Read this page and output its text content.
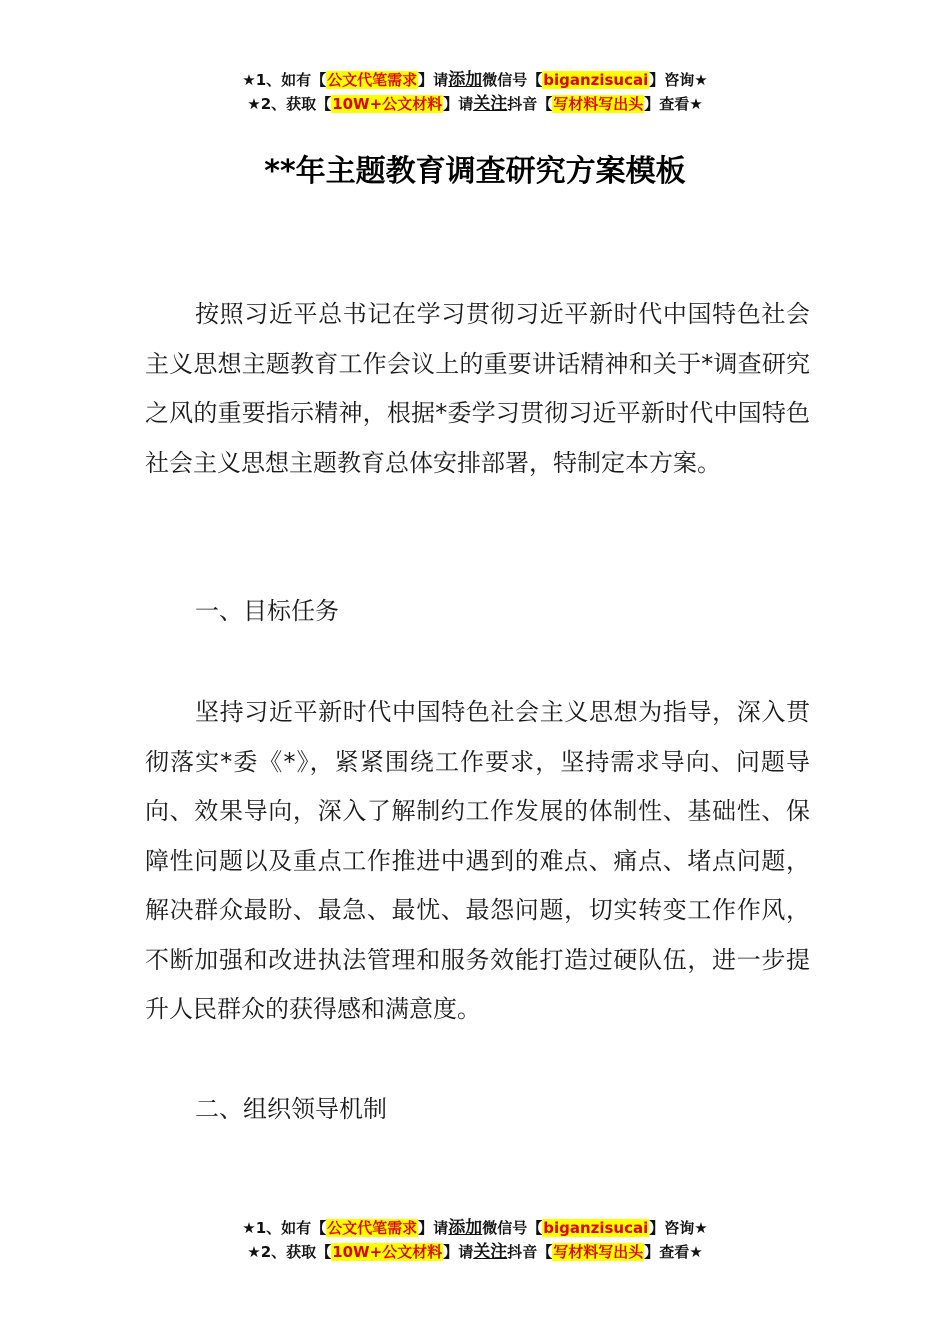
★1、如有【公文代笔需求】请添加微信号【biganzisucai】咨询★
★2、获取【10W+公文材料】请关注抖音【写材料写出头】查看★
**年主题教育调查研究方案模板

按照习近平总书记在学习贯彻习近平新时代中国特色社会主义思想主题教育工作会议上的重要讲话精神和关于*调查研究之风的重要指示精神，根据*委学习贯彻习近平新时代中国特色社会主义思想主题教育总体安排部署，特制定本方案。

一、目标任务

坚持习近平新时代中国特色社会主义思想为指导，深入贯彻落实*委《*》，紧紧围绕工作要求，坚持需求导向、问题导向、效果导向，深入了解制约工作发展的体制性、基础性、保障性问题以及重点工作推进中遇到的难点、痛点、堵点问题，解决群众最盼、最急、最忧、最怨问题，切实转变工作作风，不断加强和改进执法管理和服务效能打造过硬队伍，进一步提升人民群众的获得感和满意度。

二、组织领导机制

★1、如有【公文代笔需求】请添加微信号【biganzisucai】咨询★
★2、获取【10W+公文材料】请关注抖音【写材料写出头】查看★
